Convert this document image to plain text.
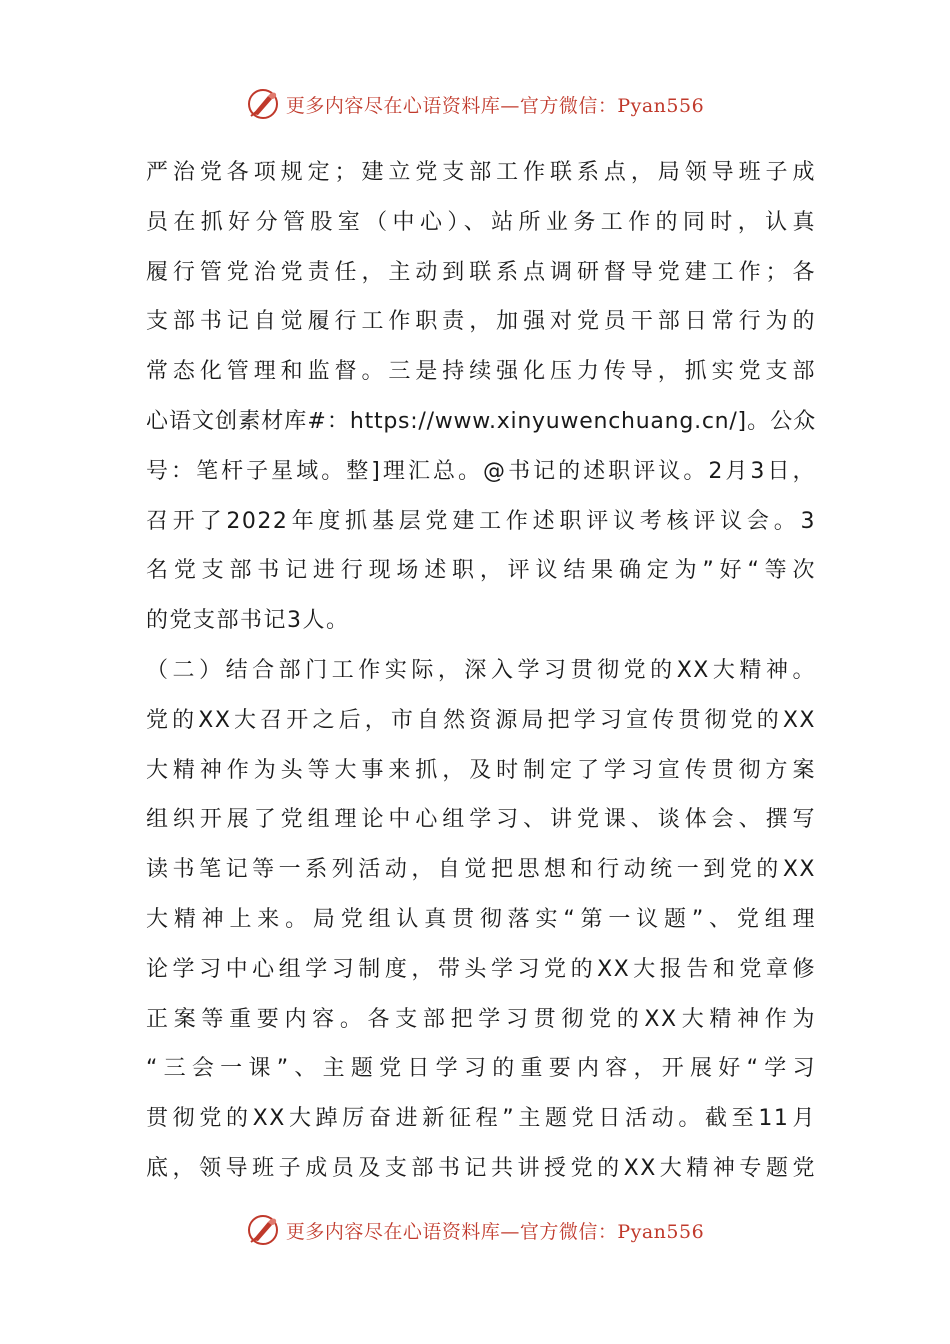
更多内容尽在心语资料库—官方微信：Pyan556
严治党各项规定；建立党支部工作联系点，局领导班子成
员在抓好分管股室（中心）、站所业务工作的同时，认真
履行管党治党责任，主动到联系点调研督导党建工作；各
支部书记自觉履行工作职责，加强对党员干部日常行为的
常态化管理和监督。三是持续强化压力传导，抓实党支部
心语文创素材库#：https://www.xinyuwenchuang.cn/]。公众
号：笔杆子星域。整]理汇总。@书记的述职评议。2月3日，
召开了2022年度抓基层党建工作述职评议考核评议会。3
名党支部书记进行现场述职，评议结果确定为”好“等次
的党支部书记3人。
（二）结合部门工作实际，深入学习贯彻党的XX大精神。
党的XX大召开之后，市自然资源局把学习宣传贯彻党的XX
大精神作为头等大事来抓，及时制定了学习宣传贯彻方案
组织开展了党组理论中心组学习、讲党课、谈体会、撰写
读书笔记等一系列活动，自觉把思想和行动统一到党的XX
大精神上来。局党组认真贯彻落实“第一议题”、党组理
论学习中心组学习制度，带头学习党的XX大报告和党章修
正案等重要内容。各支部把学习贯彻党的XX大精神作为
“三会一课”、主题党日学习的重要内容，开展好“学习
贯彻党的XX大踔厉奋进新征程”主题党日活动。截至11月
底，领导班子成员及支部书记共讲授党的XX大精神专题党
更多内容尽在心语资料库—官方微信：Pyan556
